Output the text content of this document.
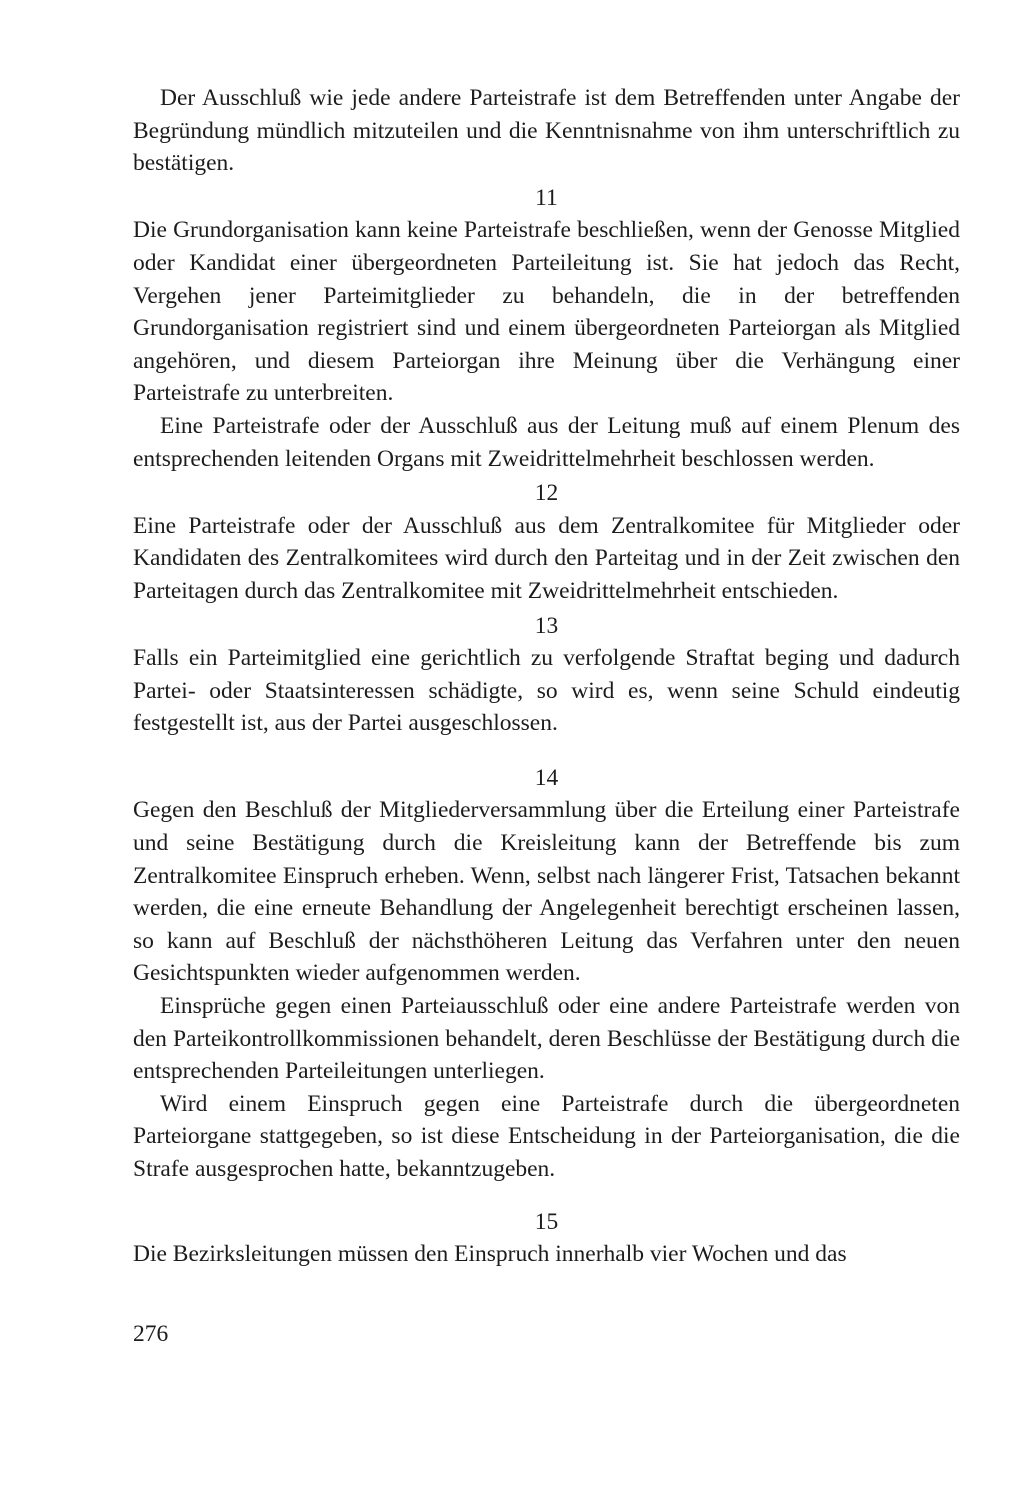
Der Ausschluß wie jede andere Parteistrafe ist dem Betreffenden unter Angabe der Begründung mündlich mitzuteilen und die Kenntnisnahme von ihm unterschriftlich zu bestätigen.

11

Die Grundorganisation kann keine Parteistrafe beschließen, wenn der Genosse Mitglied oder Kandidat einer übergeordneten Parteileitung ist. Sie hat jedoch das Recht, Vergehen jener Parteimitglieder zu behandeln, die in der betreffenden Grundorganisation registriert sind und einem übergeordneten Parteiorgan als Mitglied angehören, und diesem Parteiorgan ihre Meinung über die Verhängung einer Parteistrafe zu unterbreiten.

Eine Parteistrafe oder der Ausschluß aus der Leitung muß auf einem Plenum des entsprechenden leitenden Organs mit Zweidrittelmehrheit beschlossen werden.

12

Eine Parteistrafe oder der Ausschluß aus dem Zentralkomitee für Mitglieder oder Kandidaten des Zentralkomitees wird durch den Parteitag und in der Zeit zwischen den Parteitagen durch das Zentralkomitee mit Zweidrittelmehrheit entschieden.

13

Falls ein Parteimitglied eine gerichtlich zu verfolgende Straftat beging und dadurch Partei- oder Staatsinteressen schädigte, so wird es, wenn seine Schuld eindeutig festgestellt ist, aus der Partei ausgeschlossen.

14

Gegen den Beschluß der Mitgliederversammlung über die Erteilung einer Parteistrafe und seine Bestätigung durch die Kreisleitung kann der Betreffende bis zum Zentralkomitee Einspruch erheben. Wenn, selbst nach längerer Frist, Tatsachen bekannt werden, die eine erneute Behandlung der Angelegenheit berechtigt erscheinen lassen, so kann auf Beschluß der nächsthöheren Leitung das Verfahren unter den neuen Gesichtspunkten wieder aufgenommen werden.

Einsprüche gegen einen Parteiausschluß oder eine andere Parteistrafe werden von den Parteikontrollkommissionen behandelt, deren Beschlüsse der Bestätigung durch die entsprechenden Parteileitungen unterliegen.

Wird einem Einspruch gegen eine Parteistrafe durch die übergeordneten Parteiorgane stattgegeben, so ist diese Entscheidung in der Parteiorganisation, die die Strafe ausgesprochen hatte, bekanntzugeben.

15

Die Bezirksleitungen müssen den Einspruch innerhalb vier Wochen und das

276
